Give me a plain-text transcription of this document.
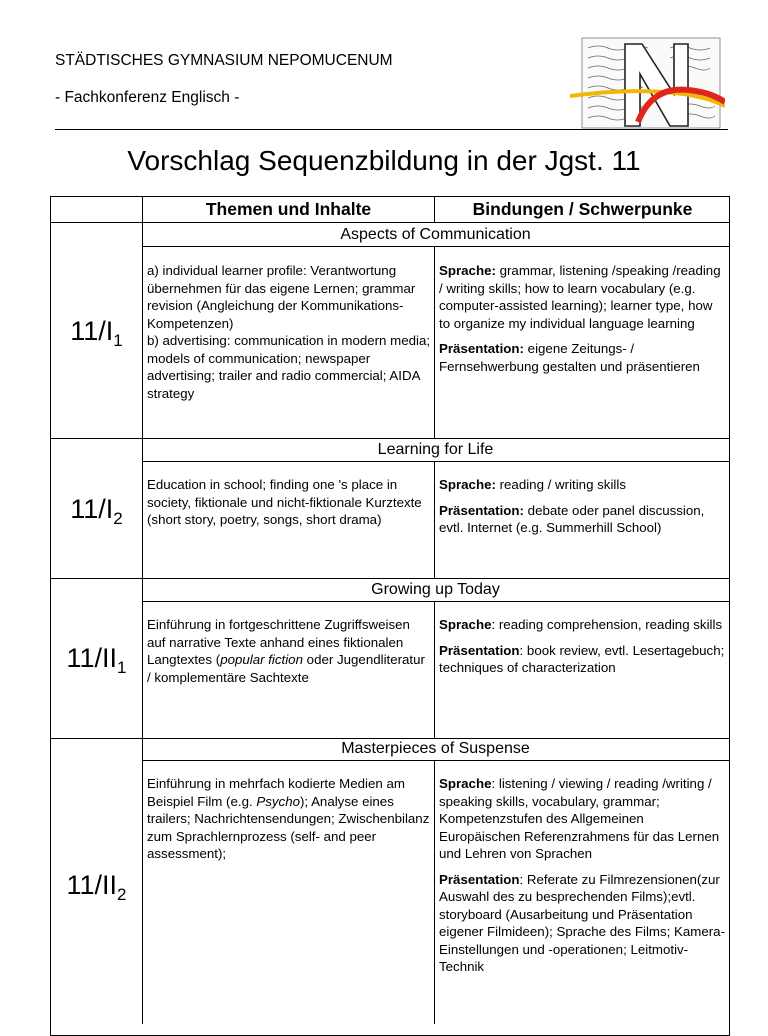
STÄDTISCHES GYMNASIUM NEPOMUCENUM
- Fachkonferenz Englisch -
Vorschlag Sequenzbildung in der Jgst. 11
Themen und Inhalte	Bindungen / Schwerpunke
Aspects of Communication
$11/I_1$
a) individual learner profile: Verantwortung übernehmen für das eigene Lernen; grammar revision (Angleichung der Kommunikations-Kompetenzen)
b) advertising: communication in modern media; models of communication; newspaper advertising; trailer and radio commercial; AIDA strategy

Sprache: grammar, listening /speaking /reading / writing skills; how to learn vocabulary (e.g. computer-assisted learning); learner type, how to organize my individual language learning

Präsentation: eigene Zeitungs- / Fernsehwerbung gestalten und präsentieren

Learning for Life
$11/I_2$
Education in school; finding one 's place in society, fiktionale und nicht-fiktionale Kurztexte (short story, poetry, songs, short drama)

Sprache: reading / writing skills

Präsentation: debate oder panel discussion, evtl. Internet (e.g. Summerhill School)

Growing up Today
$11/II_1$
Einführung in fortgeschrittene Zugriffsweisen auf narrative Texte anhand eines fiktionalen Langtextes (popular fiction oder Jugendliteratur / komplementäre Sachtexte

Sprache: reading comprehension, reading skills

Präsentation: book review, evtl. Lesertagebuch; techniques of characterization

Masterpieces of Suspense
$11/II_2$
Einführung in mehrfach kodierte Medien am Beispiel Film (e.g. Psycho); Analyse eines trailers; Nachrichtensendungen; Zwischenbilanz zum Sprachlernprozess (self- and peer assessment);

Sprache: listening / viewing / reading /writing / speaking skills, vocabulary, grammar; Kompetenzstufen des Allgemeinen Europäischen Referenzrahmens für das Lernen und Lehren von Sprachen

Präsentation: Referate zu Filmrezensionen(zur Auswahl des zu besprechenden Films);evtl. storyboard (Ausarbeitung und Präsentation eigener Filmideen); Sprache des Films; Kamera-Einstellungen und -operationen; Leitmotiv-Technik
